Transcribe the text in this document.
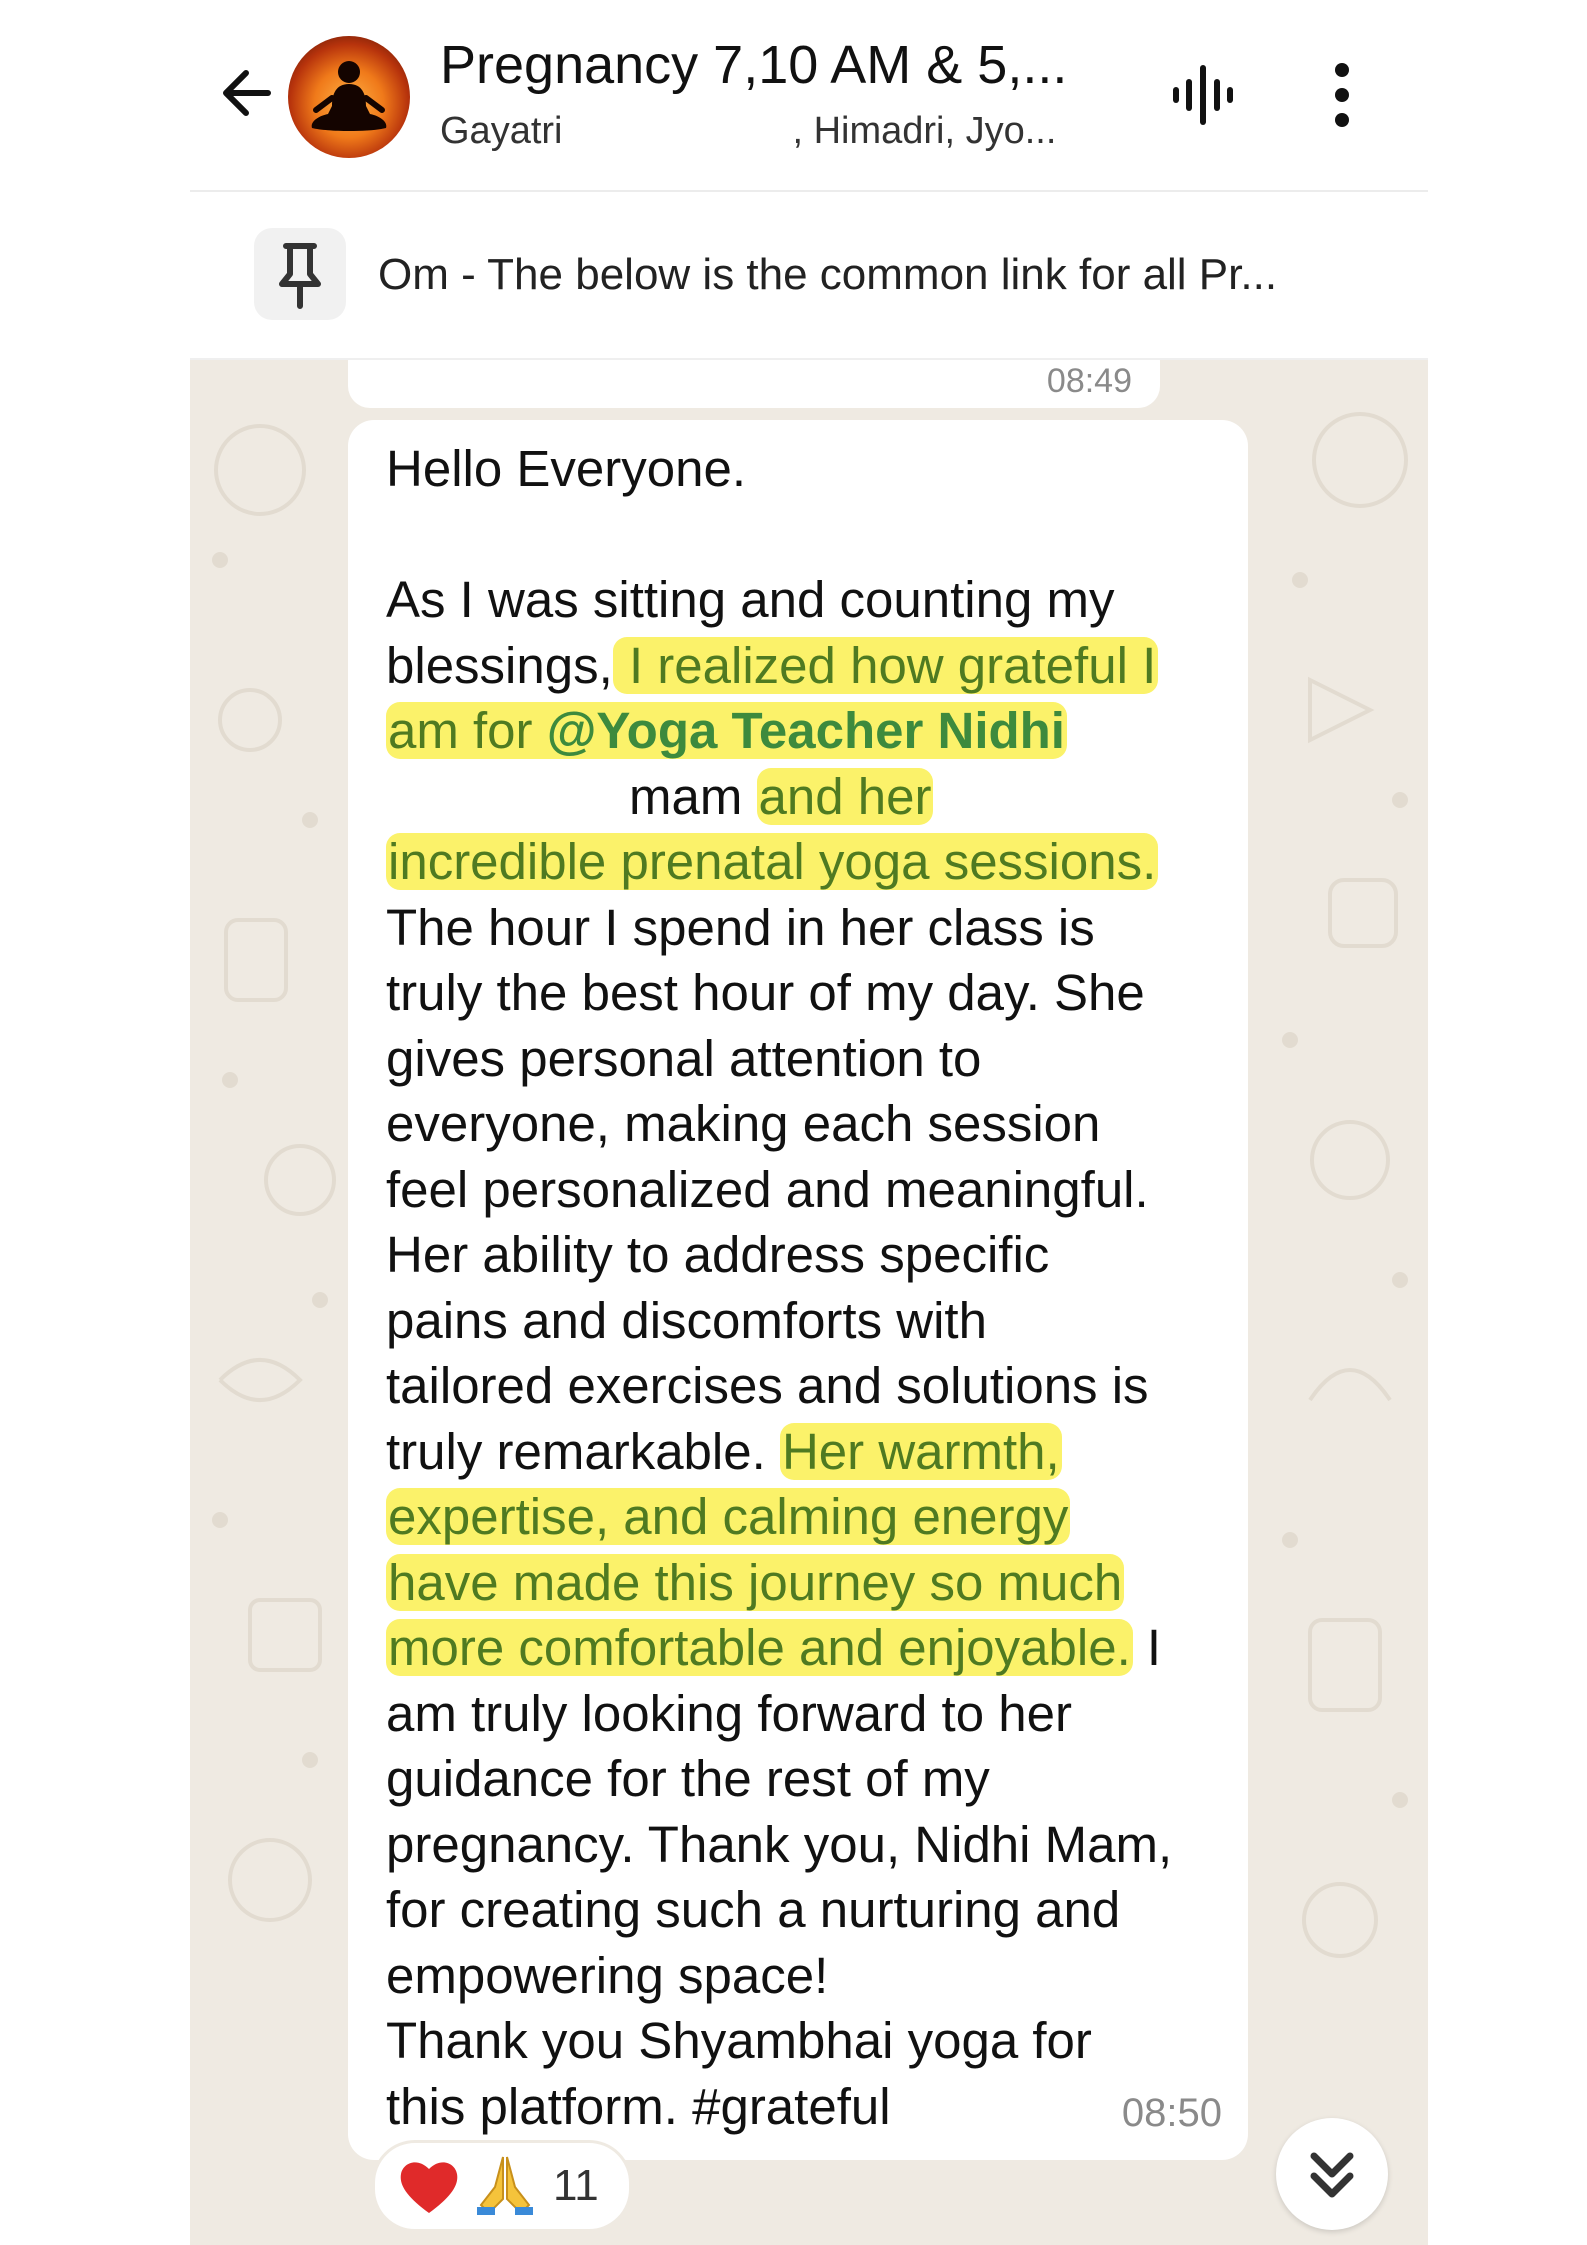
Pregnancy 7,10 AM & 5,...
Gayatri	, Himadri, Jyo...
Om - The below is the common link for all Pr...
08:49
Hello Everyone.

As I was sitting and counting my
blessings, I realized how grateful I
am for @Yoga Teacher Nidhi
mam and her
incredible prenatal yoga sessions.
The hour I spend in her class is
truly the best hour of my day. She
gives personal attention to
everyone, making each session
feel personalized and meaningful.
Her ability to address specific
pains and discomforts with
tailored exercises and solutions is
truly remarkable. Her warmth,
expertise, and calming energy
have made this journey so much
more comfortable and enjoyable. I
am truly looking forward to her
guidance for the rest of my
pregnancy. Thank you, Nidhi Mam,
for creating such a nurturing and
empowering space!
Thank you Shyambhai yoga for
this platform. #grateful	08:50
11
